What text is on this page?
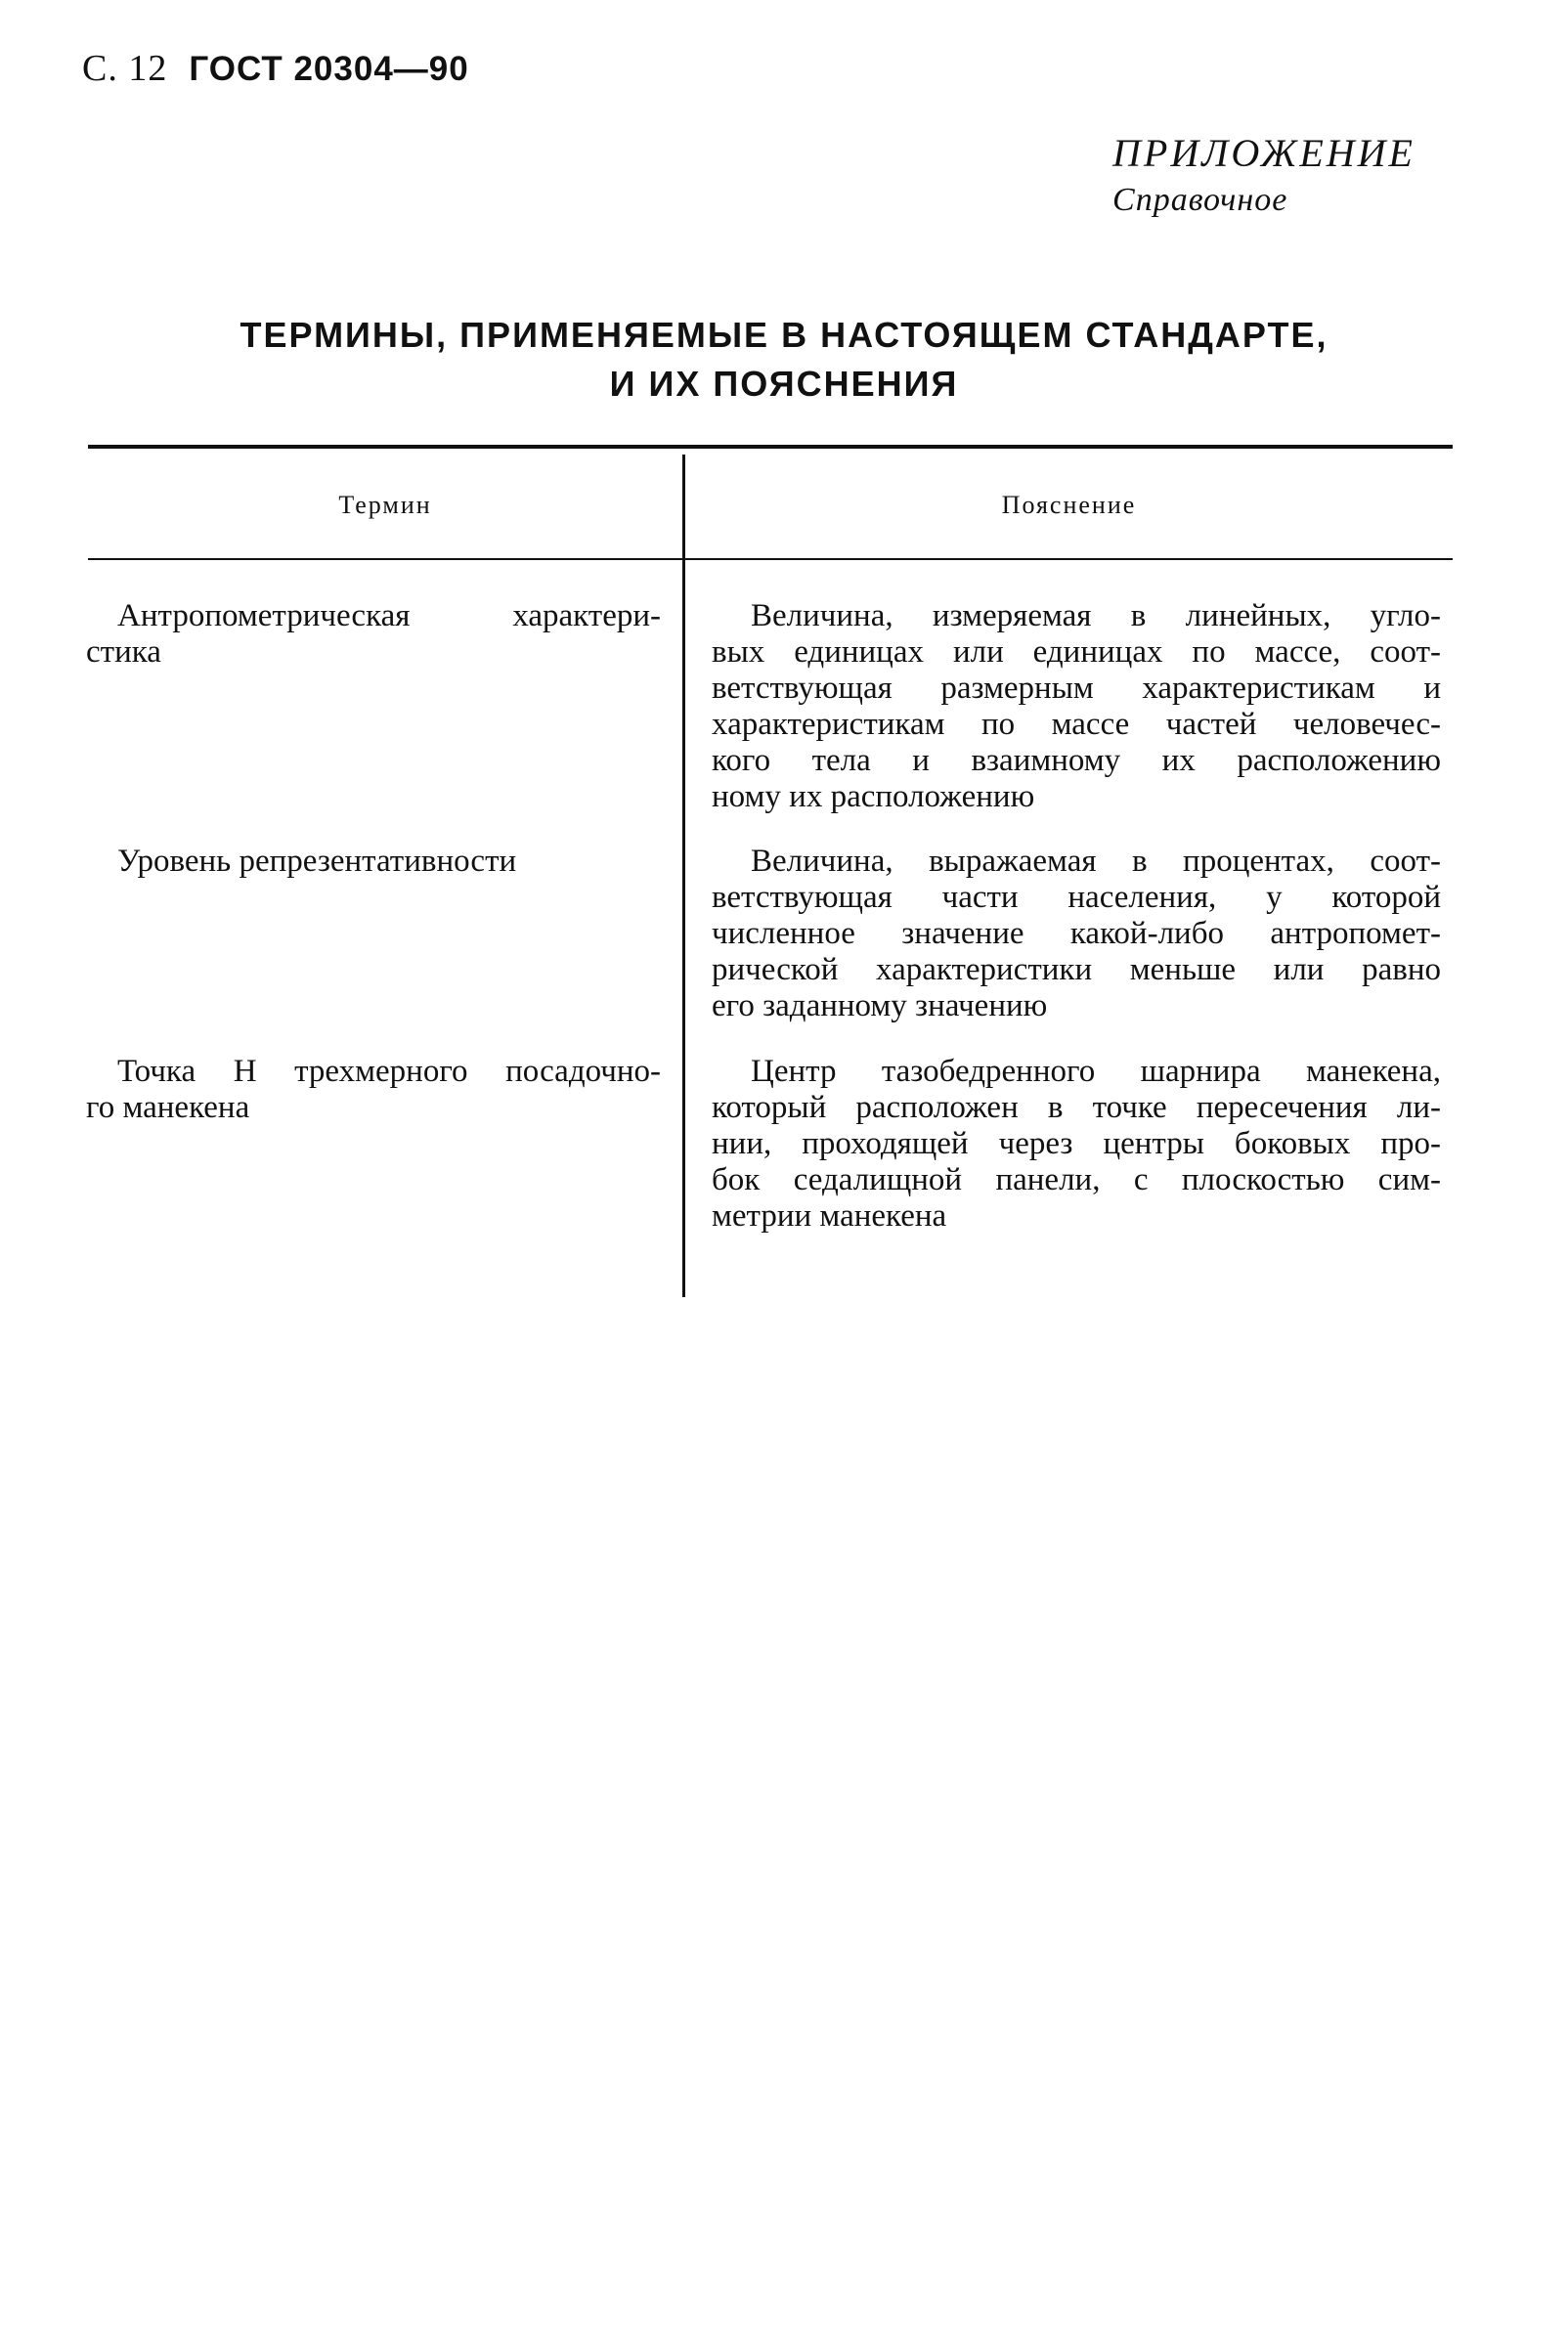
С. 12 ГОСТ 20304—90
ПРИЛОЖЕНИЕ
Справочное
ТЕРМИНЫ, ПРИМЕНЯЕМЫЕ В НАСТОЯЩЕМ СТАНДАРТЕ,
И ИХ ПОЯСНЕНИЯ
Термин	Пояснение
Антропометрическая характери-
стика
Величина, измеряемая в линейных, угло-
вых единицах или единицах по массе, соот-
ветствующая размерным характеристикам и
характеристикам по массе частей человечес-
кого тела и взаимному их расположению
ному их расположению
Уровень репрезентативности	Величина, выражаемая в процентах, соот-
ветствующая части населения, у которой
численное значение какой-либо антропомет-
рической характеристики меньше или равно
его заданному значению
Точка Н трехмерного посадочно-
го манекена
Центр тазобедренного шарнира манекена,
который расположен в точке пересечения ли-
нии, проходящей через центры боковых про-
бок седалищной панели, с плоскостью сим-
метрии манекена
